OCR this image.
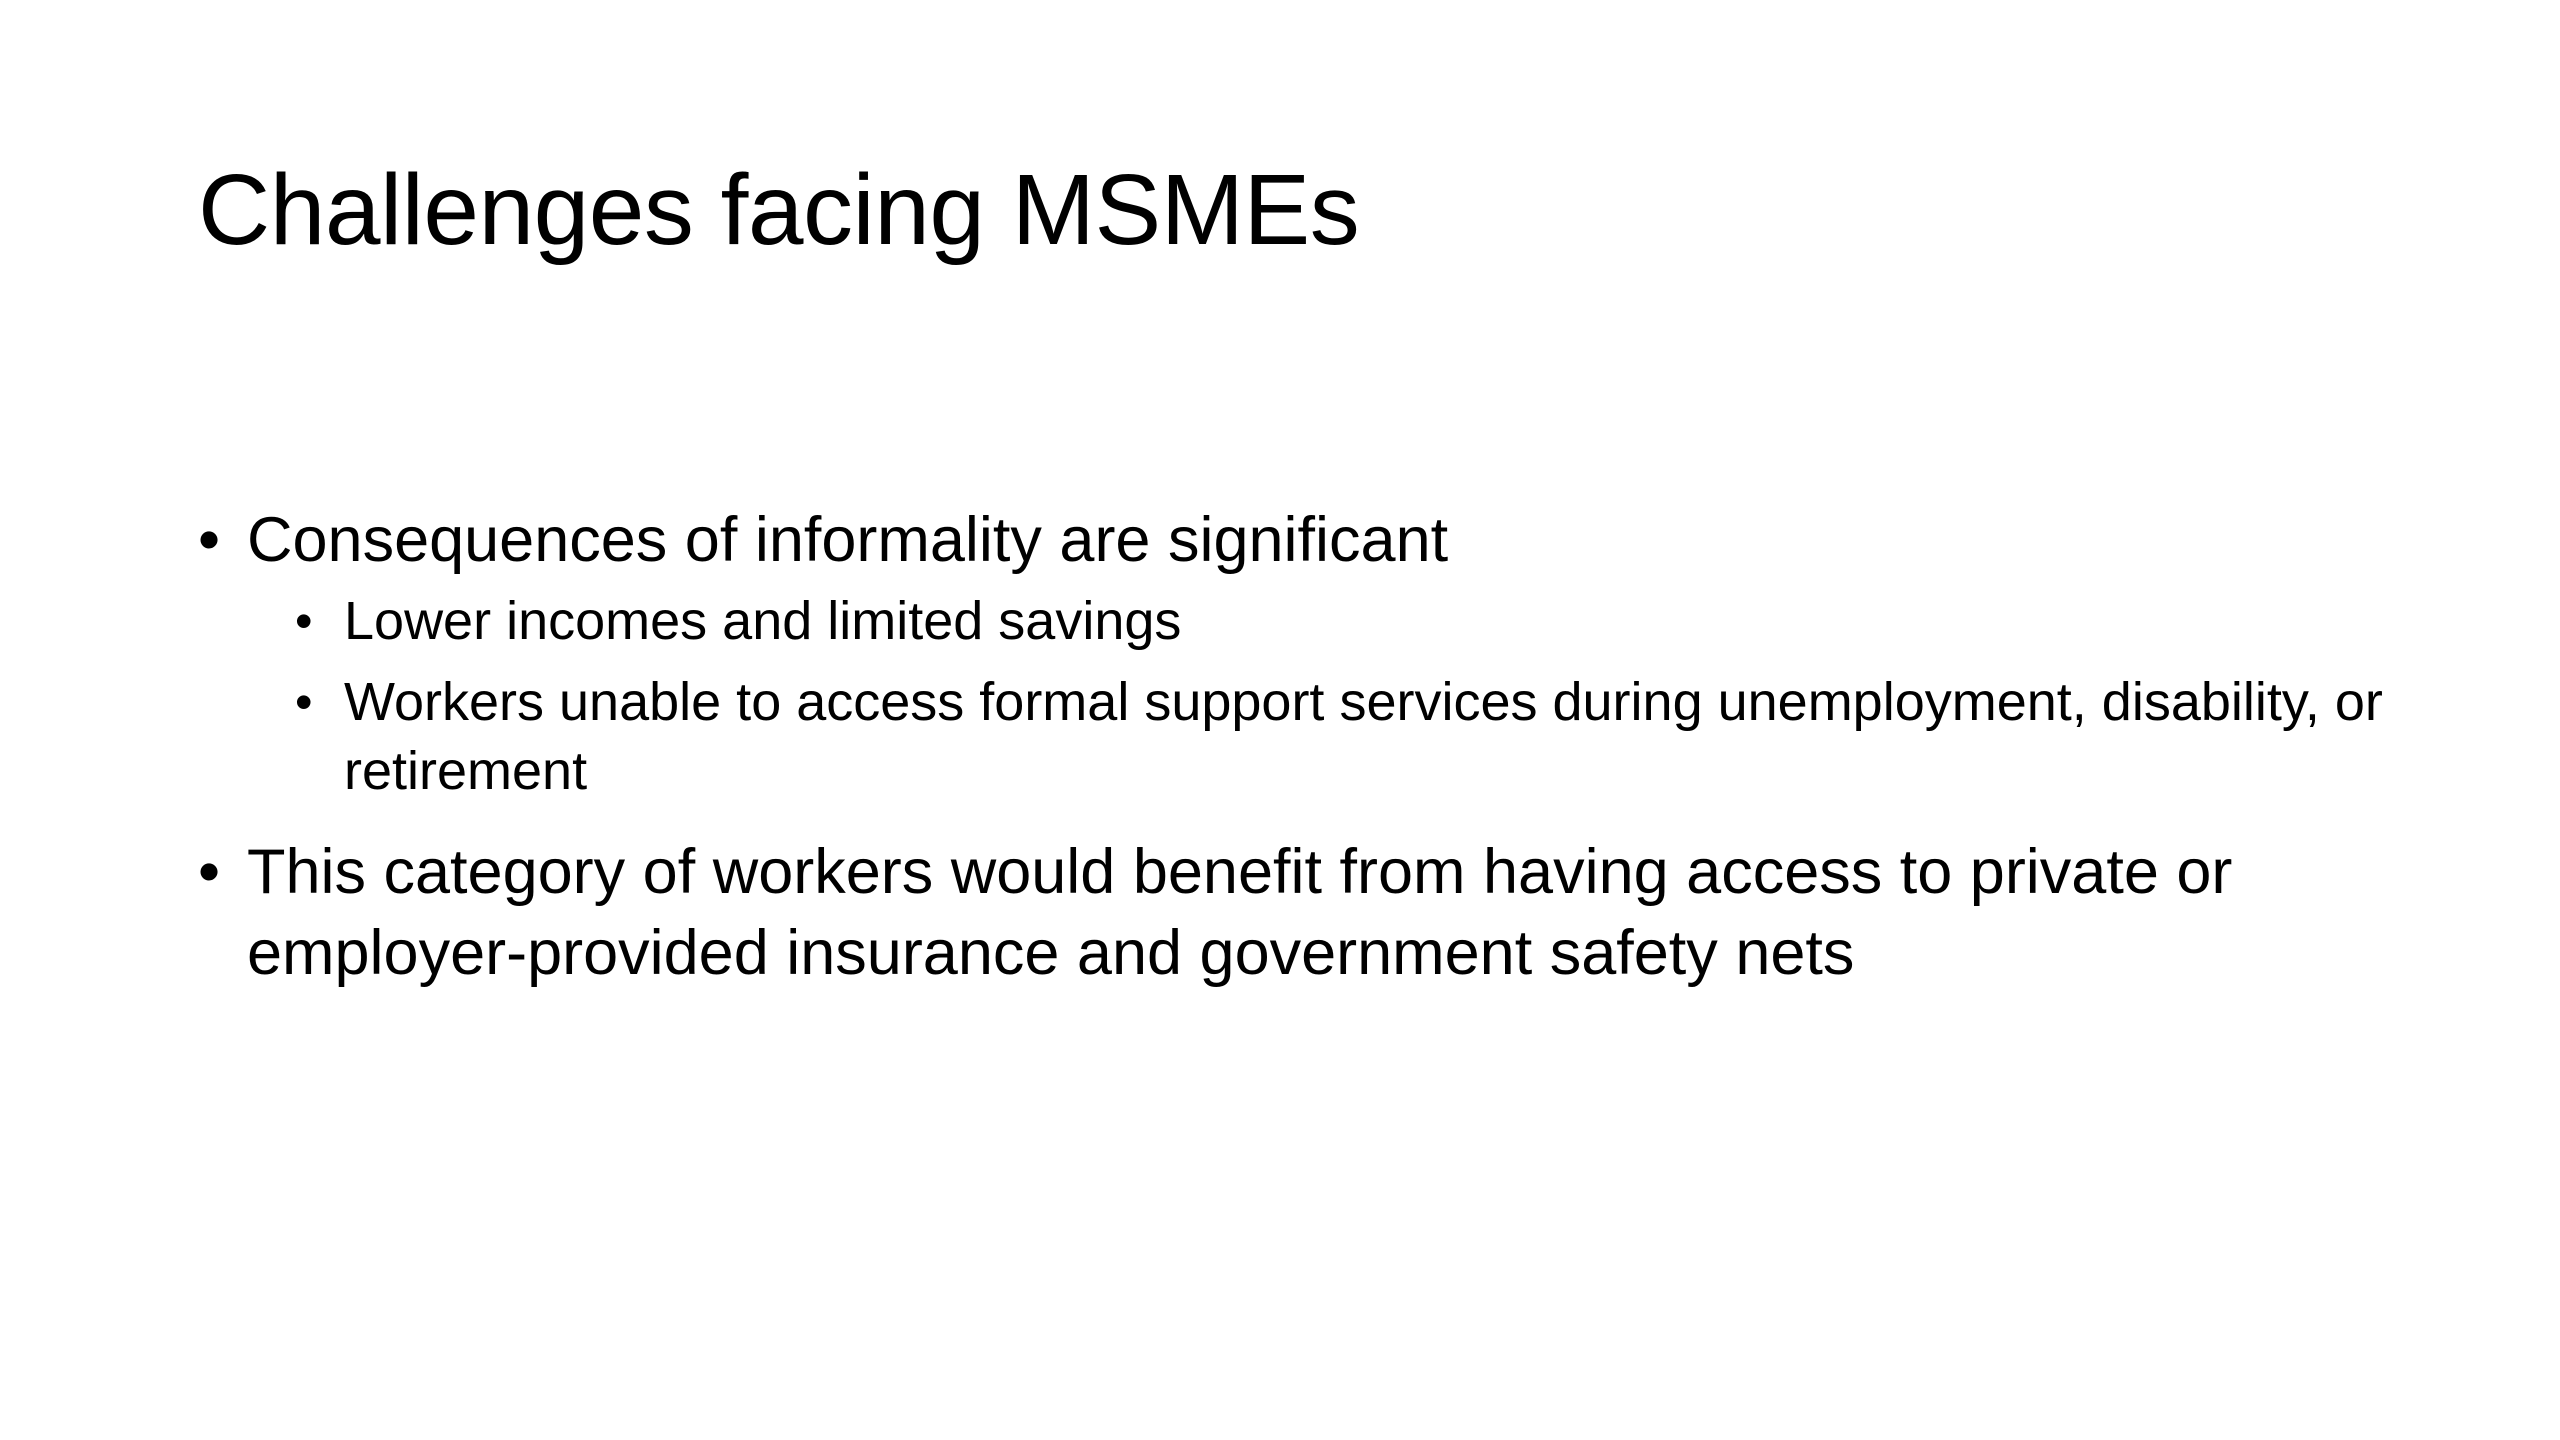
Challenges facing MSMEs
• Consequences of informality are significant
• Lower incomes and limited savings
• Workers unable to access formal support services during unemployment, disability, or retirement
• This category of workers would benefit from having access to private or employer-provided insurance and government safety nets
